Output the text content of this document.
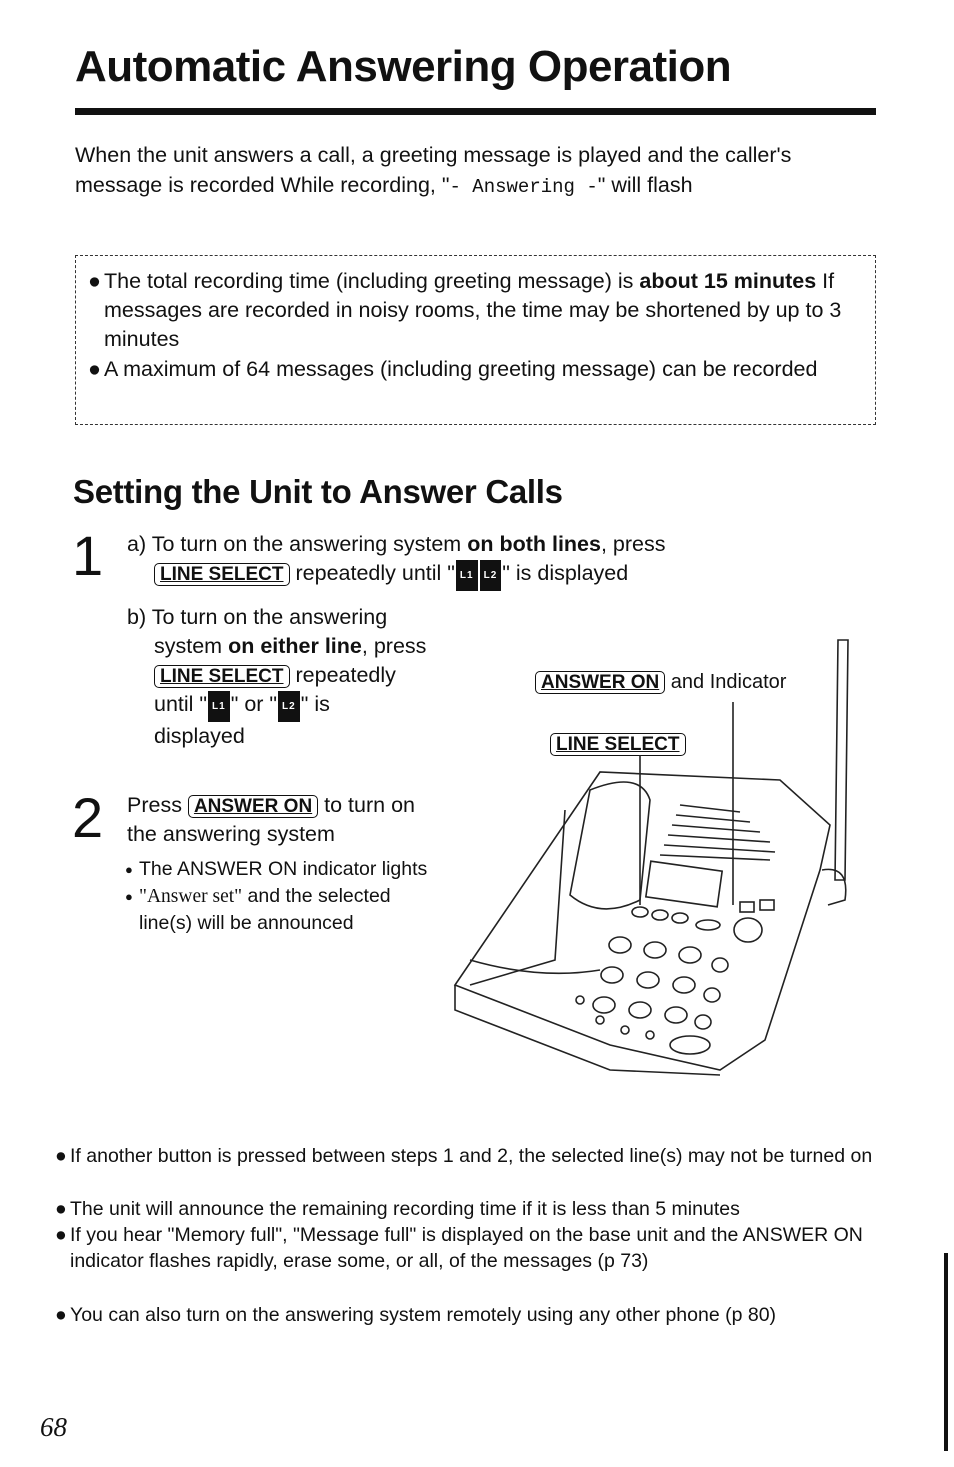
Automatic Answering Operation
When the unit answers a call, a greeting message is played and the caller's message is recorded While recording, "- Answering -" will flash
● The total recording time (including greeting message) is about 15 minutes If messages are recorded in noisy rooms, the time may be shortened by up to 3 minutes
● A maximum of 64 messages (including greeting message) can be recorded
Setting the Unit to Answer Calls
1 a) To turn on the answering system on both lines, press
LINE SELECT repeatedly until " L1 L2 " is displayed
b) To turn on the answering
system on either line, press
LINE SELECT repeatedly
until " L1 " or " L2 " is
displayed
2 Press ANSWER ON to turn on
the answering system
● The ANSWER ON indicator lights
● "Answer set" and the selected line(s) will be announced
ANSWER ON and Indicator
LINE SELECT
● If another button is pressed between steps 1 and 2, the selected line(s) may not be turned on
● The unit will announce the remaining recording time if it is less than 5 minutes
● If you hear "Memory full", "Message full" is displayed on the base unit and the ANSWER ON indicator flashes rapidly, erase some, or all, of the messages (p 73)
● You can also turn on the answering system remotely using any other phone (p 80)
68
